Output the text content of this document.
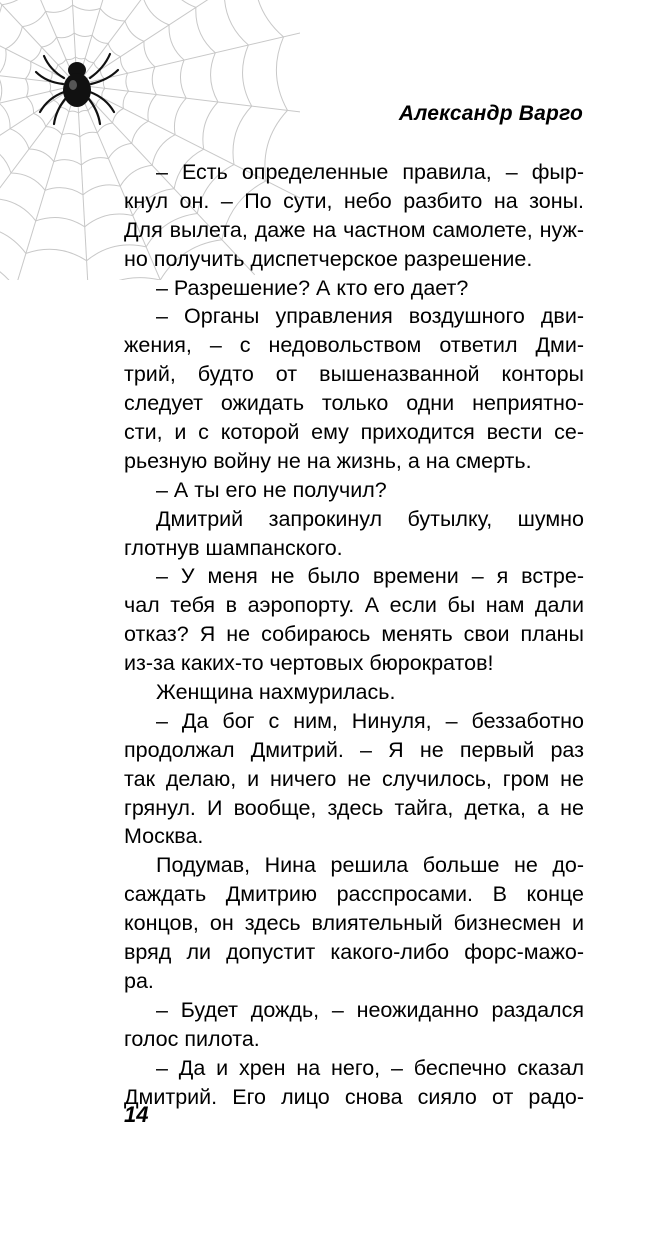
Александр Варго
– Есть определенные правила, – фыр-
кнул он. – По сути, небо разбито на зоны.
Для вылета, даже на частном самолете, нуж-
но получить диспетчерское разрешение.
– Разрешение? А кто его дает?
– Органы управления воздушного дви-
жения, – с недовольством ответил Дми-
трий, будто от вышеназванной конторы
следует ожидать только одни неприятно-
сти, и с которой ему приходится вести се-
рьезную войну не на жизнь, а на смерть.
– А ты его не получил?
Дмитрий запрокинул бутылку, шумно
глотнув шампанского.
– У меня не было времени – я встре-
чал тебя в аэропорту. А если бы нам дали
отказ? Я не собираюсь менять свои планы
из-за каких-то чертовых бюрократов!
Женщина нахмурилась.
– Да бог с ним, Нинуля, – беззаботно
продолжал Дмитрий. – Я не первый раз
так делаю, и ничего не случилось, гром не
грянул. И вообще, здесь тайга, детка, а не
Москва.
Подумав, Нина решила больше не до-
саждать Дмитрию расспросами. В конце
концов, он здесь влиятельный бизнесмен и
вряд ли допустит какого-либо форс-мажо-
ра.
– Будет дождь, – неожиданно раздался
голос пилота.
– Да и хрен на него, – беспечно сказал
Дмитрий. Его лицо снова сияло от радо-
14
